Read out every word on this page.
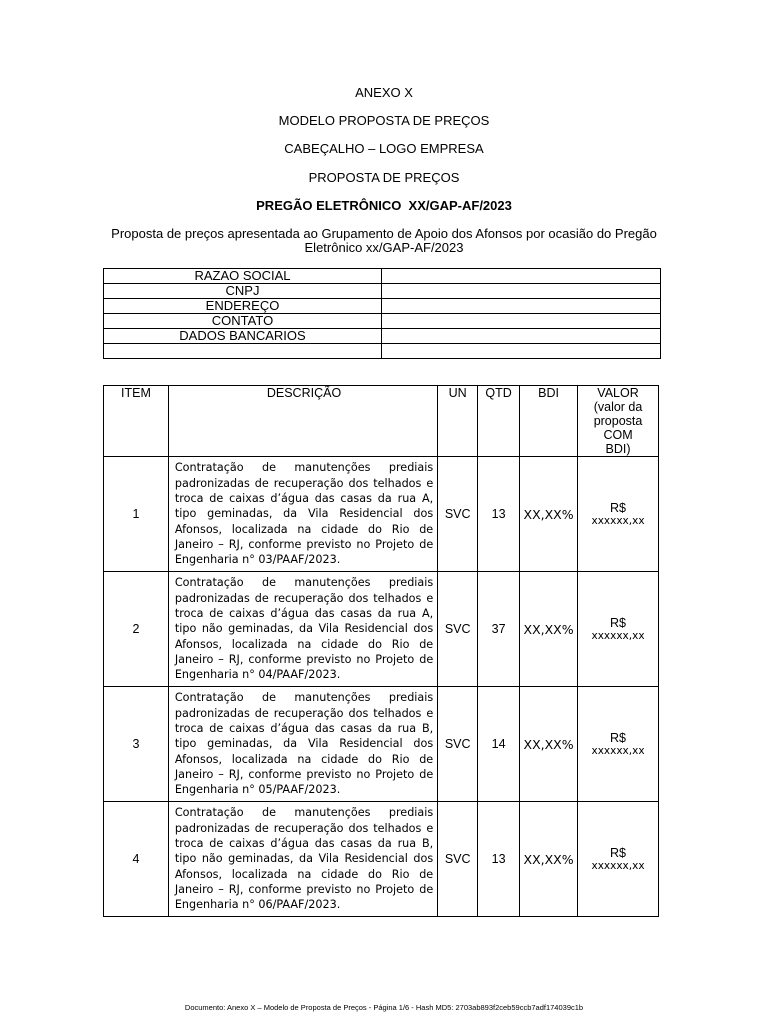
ANEXO X
MODELO PROPOSTA DE PREÇOS
CABEÇALHO – LOGO EMPRESA
PROPOSTA DE PREÇOS
PREGÃO ELETRÔNICO  XX/GAP-AF/2023
Proposta de preços apresentada ao Grupamento de Apoio dos Afonsos por ocasião do Pregão
Eletrônico xx/GAP-AF/2023
RAZAO SOCIAL	
CNPJ	
ENDEREÇO	
CONTATO	
DADOS BANCARIOS	

ITEM	DESCRIÇÃO	UN	QTD	BDI	VALOR
(valor da
proposta
COM
BDI)

1	Contratação de manutenções prediais padronizadas de recuperação dos telhados e troca de caixas d’água das casas da rua A, tipo geminadas, da Vila Residencial dos Afonsos, localizada na cidade do Rio de Janeiro – RJ, conforme previsto no Projeto de Engenharia n° 03/PAAF/2023.	SVC	13	XX,XX%	R$
xxxxxx,xx

2	Contratação de manutenções prediais padronizadas de recuperação dos telhados e troca de caixas d’água das casas da rua A, tipo não geminadas, da Vila Residencial dos Afonsos, localizada na cidade do Rio de Janeiro – RJ, conforme previsto no Projeto de Engenharia n° 04/PAAF/2023.	SVC	37	XX,XX%	R$
xxxxxx,xx

3	Contratação de manutenções prediais padronizadas de recuperação dos telhados e troca de caixas d’água das casas da rua B, tipo geminadas, da Vila Residencial dos Afonsos, localizada na cidade do Rio de Janeiro – RJ, conforme previsto no Projeto de Engenharia n° 05/PAAF/2023.	SVC	14	XX,XX%	R$
xxxxxx,xx

4	Contratação de manutenções prediais padronizadas de recuperação dos telhados e troca de caixas d’água das casas da rua B, tipo não geminadas, da Vila Residencial dos Afonsos, localizada na cidade do Rio de Janeiro – RJ, conforme previsto no Projeto de Engenharia n° 06/PAAF/2023.	SVC	13	XX,XX%	R$
xxxxxx,xx
Documento: Anexo X – Modelo de Proposta de Preços - Página 1/6 - Hash MD5: 2703ab893f2ceb59ccb7adf174039c1b
